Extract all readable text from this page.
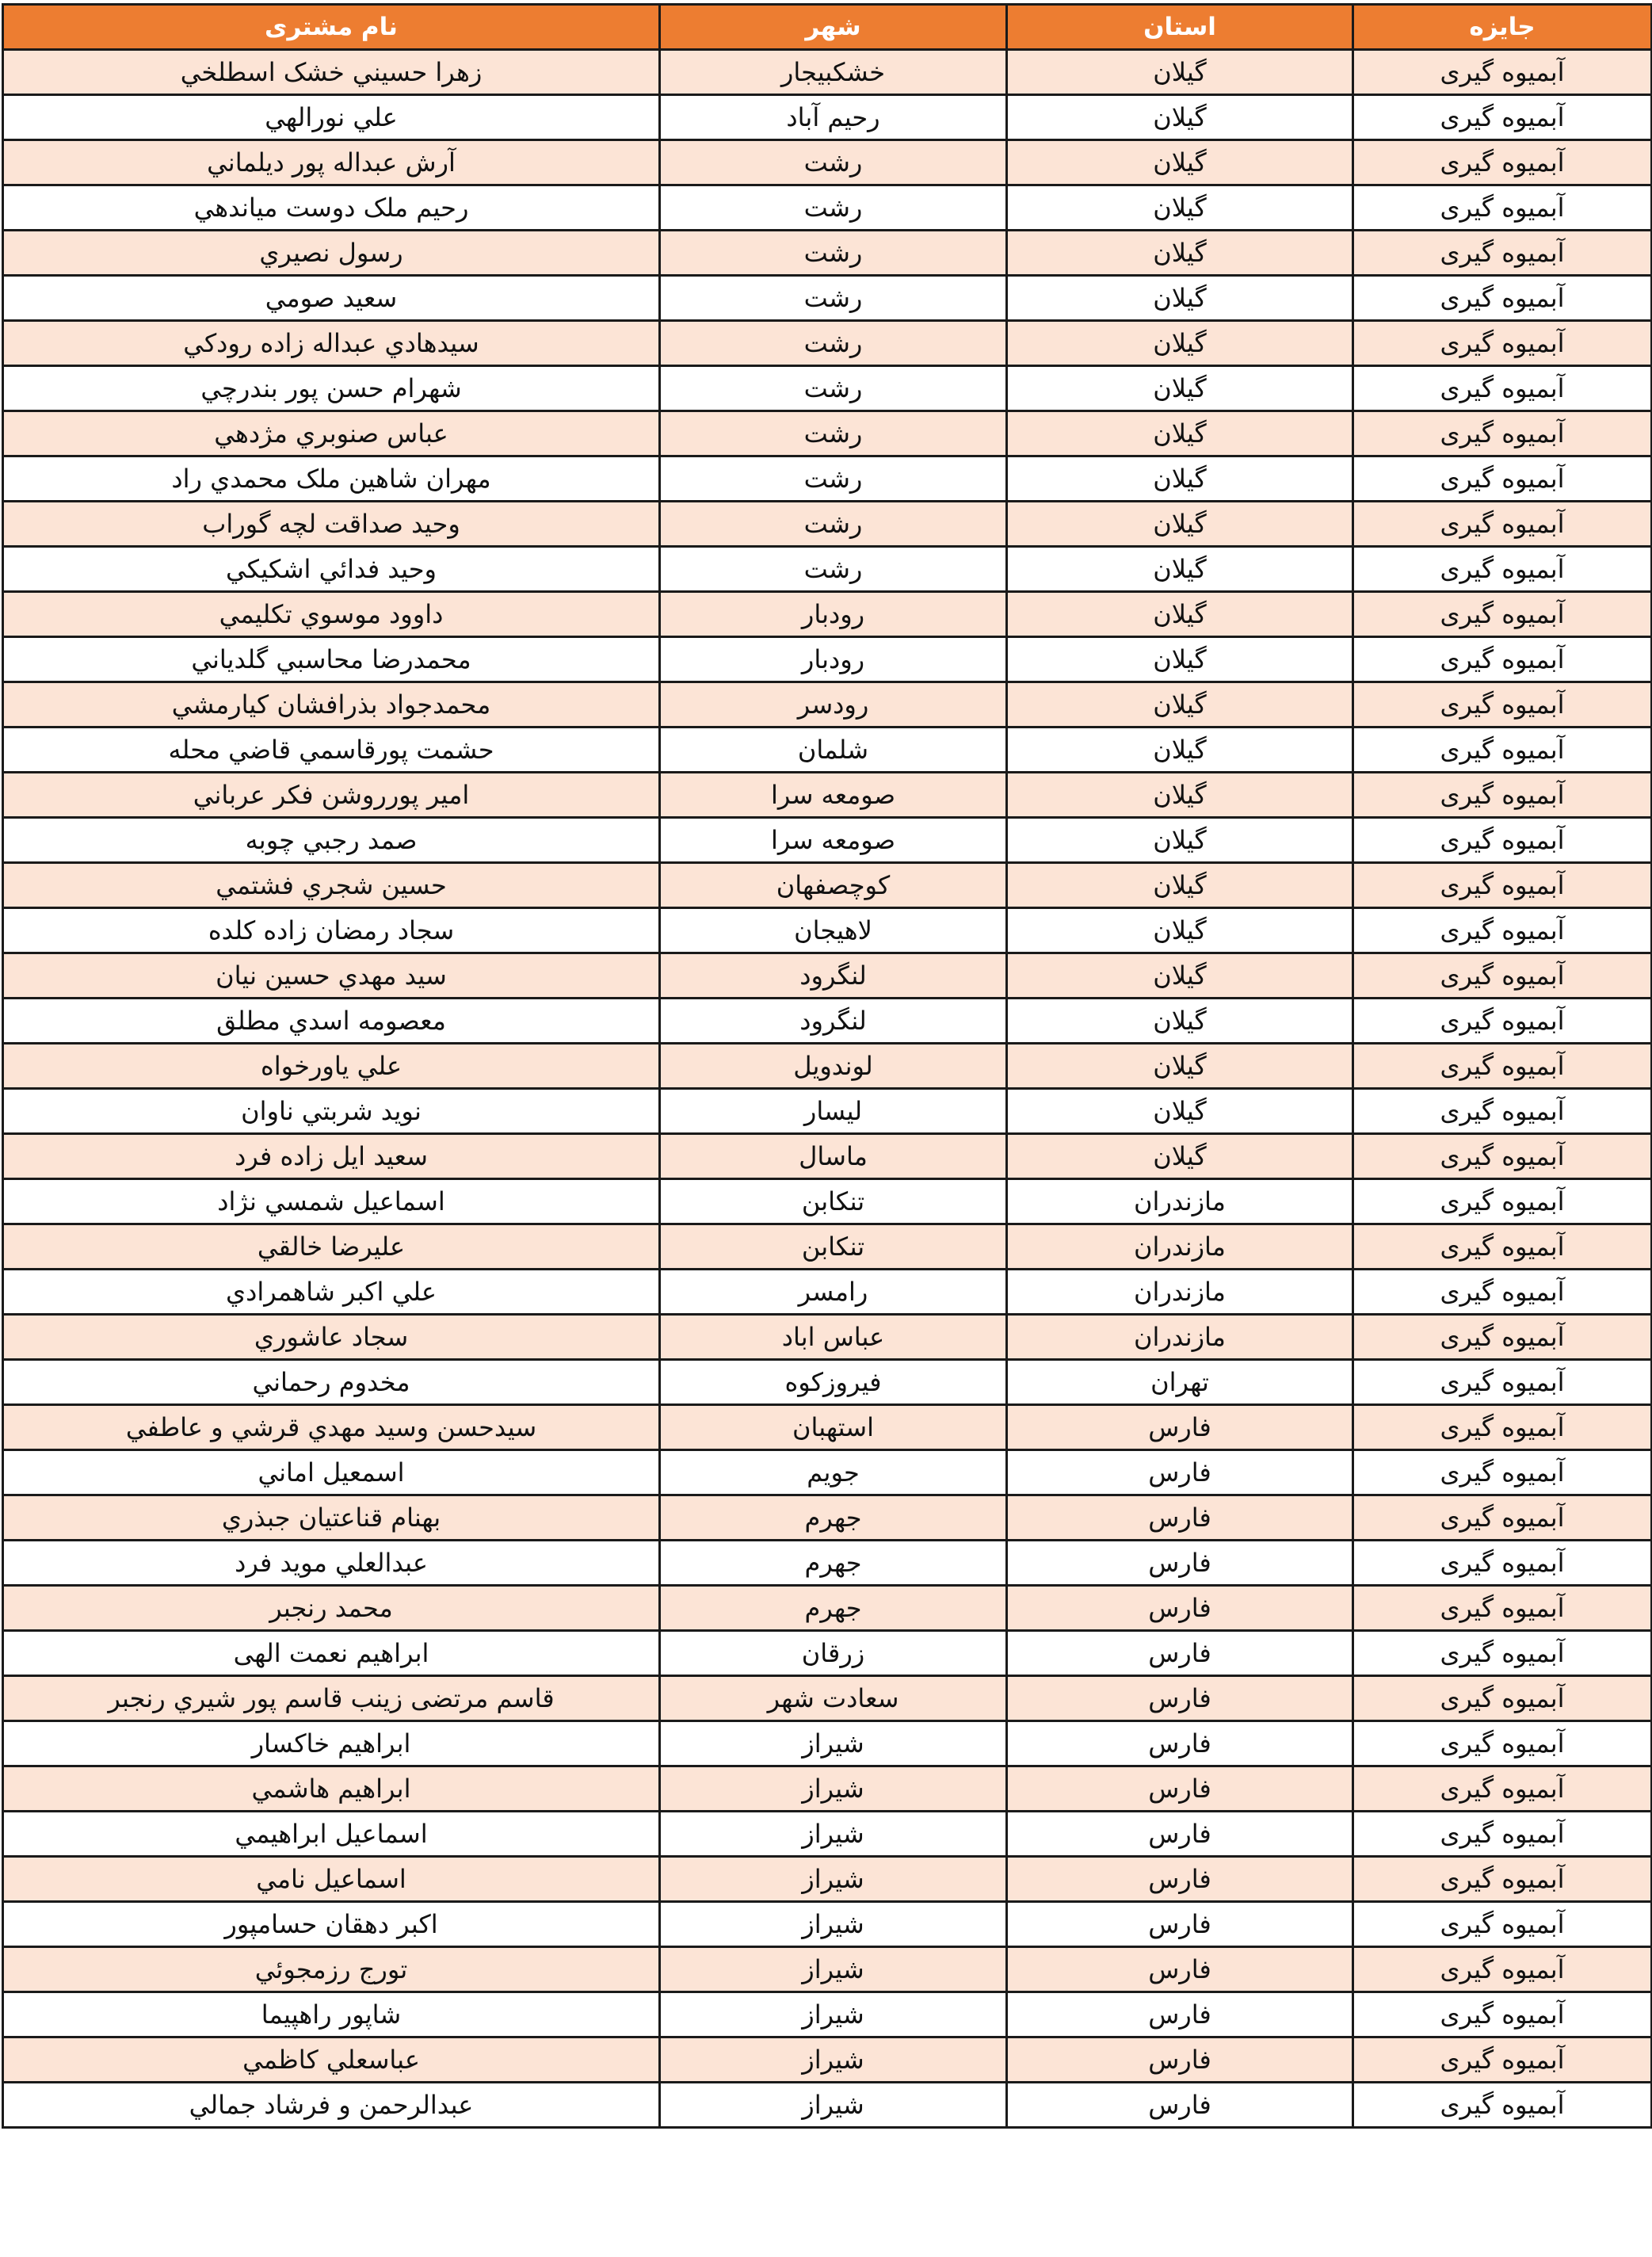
جایزه	استان	شهر	نام مشتری
آبمیوه گیری	گیلان	خشکبیجار	زهرا حسيني خشک اسطلخي
آبمیوه گیری	گیلان	رحیم آباد	علي نورالهي
آبمیوه گیری	گیلان	رشت	آرش عبداله پور ديلماني
آبمیوه گیری	گیلان	رشت	رحيم ملک دوست میاندهي
آبمیوه گیری	گیلان	رشت	رسول نصيري
آبمیوه گیری	گیلان	رشت	سعيد صومي
آبمیوه گیری	گیلان	رشت	سيدهادي عبداله زاده رودکي
آبمیوه گیری	گیلان	رشت	شهرام حسن پور بندرچي
آبمیوه گیری	گیلان	رشت	عباس صنوبري مژدهي
آبمیوه گیری	گیلان	رشت	مهران شاهين ملک محمدي راد
آبمیوه گیری	گیلان	رشت	وحيد صداقت لچه گوراب
آبمیوه گیری	گیلان	رشت	وحيد فدائي اشکيکي
آبمیوه گیری	گیلان	رودبار	داوود موسوي تکليمي
آبمیوه گیری	گیلان	رودبار	محمدرضا محاسبي گلدياني
آبمیوه گیری	گیلان	رودسر	محمدجواد بذرافشان کيارمشي
آبمیوه گیری	گیلان	شلمان	حشمت پورقاسمي قاضي محله
آبمیوه گیری	گیلان	صومعه سرا	امير پورروشن فکر عرباني
آبمیوه گیری	گیلان	صومعه سرا	صمد رجبي چوبه
آبمیوه گیری	گیلان	کوچصفهان	حسين شجري فشتمي
آبمیوه گیری	گیلان	لاهیجان	سجاد رمضان زاده کلده
آبمیوه گیری	گیلان	لنگرود	سيد مهدي حسين نيان
آبمیوه گیری	گیلان	لنگرود	معصومه اسدي مطلق
آبمیوه گیری	گیلان	لوندویل	علي ياورخواه
آبمیوه گیری	گیلان	لیسار	نويد شربتي ناوان
آبمیوه گیری	گیلان	ماسال	سعيد ايل زاده فرد
آبمیوه گیری	مازندران	تنکابن	اسماعيل شمسي نژاد
آبمیوه گیری	مازندران	تنکابن	عليرضا خالقي
آبمیوه گیری	مازندران	رامسر	علي اکبر شاهمرادي
آبمیوه گیری	مازندران	عباس اباد	سجاد عاشوري
آبمیوه گیری	تهران	فیروزکوه	مخدوم رحماني
آبمیوه گیری	فارس	استهبان	سيدحسن وسيد مهدي قرشي و عاطفي
آبمیوه گیری	فارس	جویم	اسمعيل اماني
آبمیوه گیری	فارس	جهرم	بهنام قناعتيان جبذري
آبمیوه گیری	فارس	جهرم	عبدالعلي مويد فرد
آبمیوه گیری	فارس	جهرم	محمد رنجبر
آبمیوه گیری	فارس	زرقان	ابراهيم نعمت الهی
آبمیوه گیری	فارس	سعادت شهر	قاسم مرتضی زينب قاسم پور شيري رنجبر
آبمیوه گیری	فارس	شیراز	ابراهيم خاکسار
آبمیوه گیری	فارس	شیراز	ابراهيم هاشمي
آبمیوه گیری	فارس	شیراز	اسماعيل ابراهيمي
آبمیوه گیری	فارس	شیراز	اسماعيل نامي
آبمیوه گیری	فارس	شیراز	اکبر دهقان حسامپور
آبمیوه گیری	فارس	شیراز	تورج رزمجوئي
آبمیوه گیری	فارس	شیراز	شاپور راهپيما
آبمیوه گیری	فارس	شیراز	عباسعلي کاظمي
آبمیوه گیری	فارس	شیراز	عبدالرحمن و فرشاد جمالي
